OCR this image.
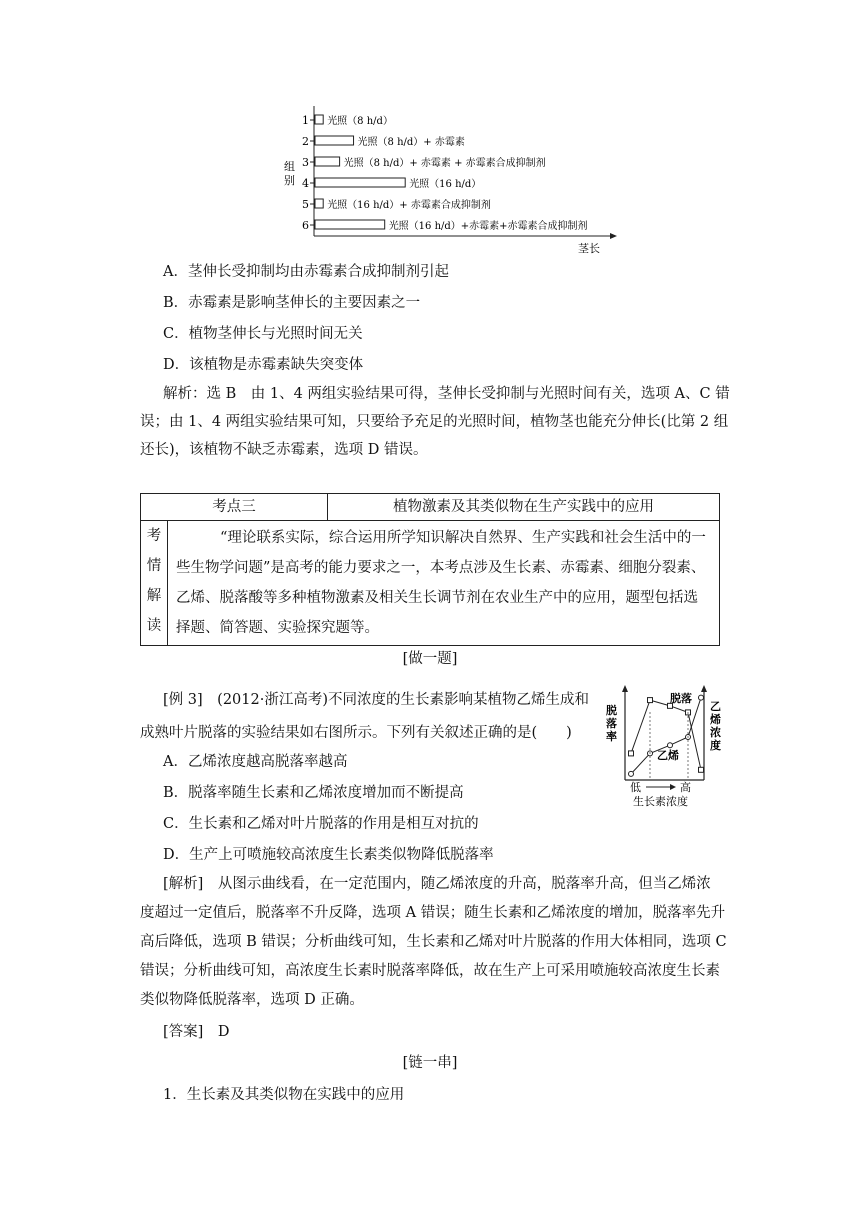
组
别
茎长
1 光照（8 h/d）
2	光照（8 h/d）+ 赤霉素
3	光照（8 h/d）+ 赤霉素 + 赤霉素合成抑制剂
4	光照（16 h/d）
5 光照（16 h/d）+ 赤霉素合成抑制剂
6	光照（16 h/d）+赤霉素+赤霉素合成抑制剂
A．茎伸长受抑制均由赤霉素合成抑制剂引起
B．赤霉素是影响茎伸长的主要因素之一
C．植物茎伸长与光照时间无关
D．该植物是赤霉素缺失突变体
解析：选 B　由 1、4 两组实验结果可得，茎伸长受抑制与光照时间有关，选项 A、C 错
误；由 1、4 两组实验结果可知，只要给予充足的光照时间，植物茎也能充分伸长(比第 2 组
还长)，该植物不缺乏赤霉素，选项 D 错误。
考点三		植物激素及其类似物在生产实践中的应用

考
情
解
读	“理论联系实际，综合运用所学知识解决自然界、生产实践和社会生活中的一些生物学问题”是高考的能力要求之一，本考点涉及生长素、赤霉素、细胞分裂素、乙烯、脱落酸等多种植物激素及相关生长调节剂在农业生产中的应用，题型包括选择题、简答题、实验探究题等。	
[做一题]
[例 3]　 (2012·浙江高考)不同浓度的生长素影响某植物乙烯生成和
成熟叶片脱落的实验结果如右图所示。下列有关叙述正确的是(　　)
A．乙烯浓度越高脱落率越高
B．脱落率随生长素和乙烯浓度增加而不断提高
C．生长素和乙烯对叶片脱落的作用是相互对抗的
D．生产上可喷施较高浓度生长素类似物降低脱落率
低	高
生长素浓度
脱
落
率
乙
烯
浓
度
脱落
乙烯
[解析]　从图示曲线看，在一定范围内，随乙烯浓度的升高，脱落率升高，但当乙烯浓
度超过一定值后，脱落率不升反降，选项 A 错误；随生长素和乙烯浓度的增加，脱落率先升
高后降低，选项 B 错误；分析曲线可知，生长素和乙烯对叶片脱落的作用大体相同，选项 C
错误；分析曲线可知，高浓度生长素时脱落率降低，故在生产上可采用喷施较高浓度生长素
类似物降低脱落率，选项 D 正确。
[答案]　 D
[链一串]
1．生长素及其类似物在实践中的应用
